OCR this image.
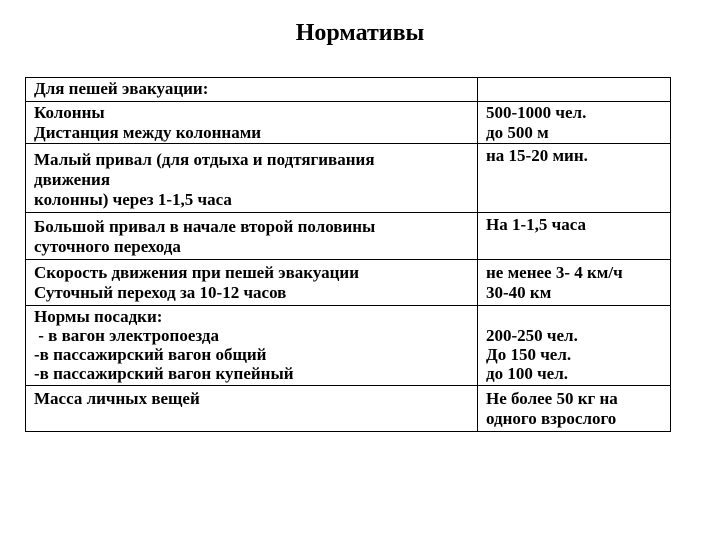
Нормативы
Для пешей эвакуации:	

Колонны
Дистанция между колоннами	500-1000 чел.
до 500 м

Малый привал (для отдыха и подтягивания
движения
колонны) через 1-1,5 часа	на 15-20 мин.

Большой привал в начале второй половины
суточного перехода	На 1-1,5 часа

Скорость движения при пешей эвакуации
Суточный переход за 10-12 часов	не менее 3- 4 км/ч
30-40 км

Нормы посадки:
- в вагон электропоезда
-в пассажирский вагон общий
-в пассажирский вагон купейный	200-250 чел.
До 150 чел.
до 100 чел.

Масса личных вещей	Не более 50 кг на
одного взрослого
